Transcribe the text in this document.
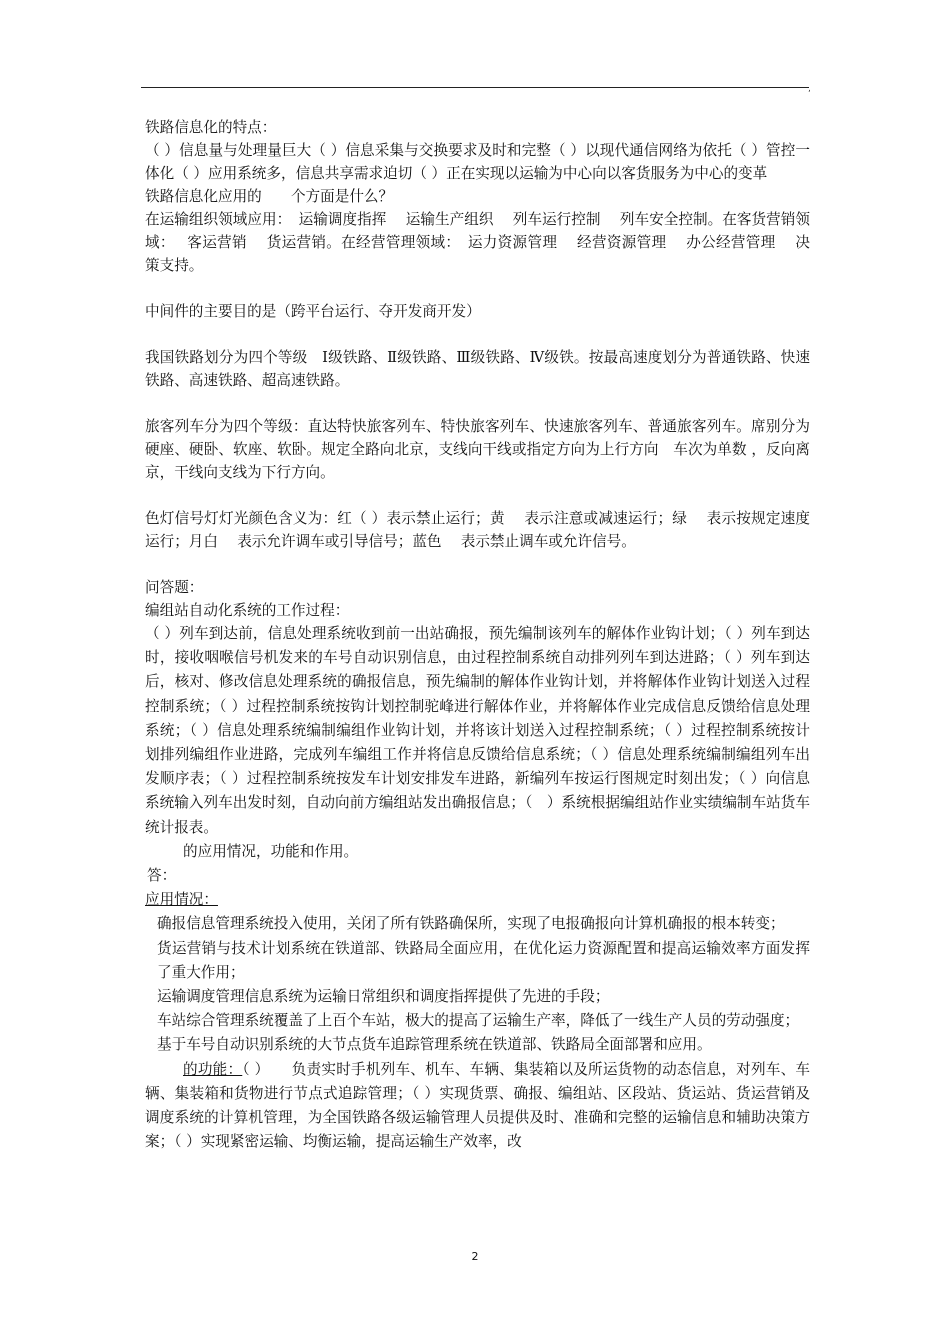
,

铁路信息化的特点：

（ ）信息量与处理量巨大（ ）信息采集与交换要求及时和完整（ ）以现代通信网络为依托（ ）管控一体化（ ）应用系统多，信息共享需求迫切（ ）正在实现以运输为中心向以客货服务为中心的变革

铁路信息化应用的　　个方面是什么？

在运输组织领域应用：　运输调度指挥　 运输生产组织　 列车运行控制　 列车安全控制。在客货营销领域：　 客运营销　 货运营销。在经营管理领域：　运力资源管理　 经营资源管理　 办公经营管理　 决策支持。

中间件的主要目的是（跨平台运行、夺开发商开发）

我国铁路划分为四个等级　Ⅰ级铁路、Ⅱ级铁路、Ⅲ级铁路、Ⅳ级铁。按最高速度划分为普通铁路、快速铁路、高速铁路、超高速铁路。

旅客列车分为四个等级：直达特快旅客列车、特快旅客列车、快速旅客列车、普通旅客列车。席别分为 硬座、硬卧、软座、软卧。规定全路向北京，支线向干线或指定方向为上行方向　车次为单数 ，反向离京，干线向支线为下行方向。

色灯信号灯灯光颜色含义为：红（ ）表示禁止运行；黄　 表示注意或减速运行；绿　 表示按规定速度运行；月白　 表示允许调车或引导信号；蓝色　 表示禁止调车或允许信号。

问答题：

编组站自动化系统的工作过程：

（ ）列车到达前，信息处理系统收到前一出站确报，预先编制该列车的解体作业钩计划；（ ）列车到达时，接收咽喉信号机发来的车号自动识别信息，由过程控制系统自动排列列车到达进路；（ ）列车到达后，核对、修改信息处理系统的确报信息，预先编制的解体作业钩计划，并将解体作业钩计划送入过程控制系统；（ ）过程控制系统按钩计划控制驼峰进行解体作业，并将解体作业完成信息反馈给信息处理系统；（ ）信息处理系统编制编组作业钩计划，并将该计划送入过程控制系统；（ ）过程控制系统按计划排列编组作业进路，完成列车编组工作并将信息反馈给信息系统；（ ）信息处理系统编制编组列车出发顺序表；（ ）过程控制系统按发车计划安排发车进路，新编列车按运行图规定时刻出发；（ ）向信息系统输入列车出发时刻，自动向前方编组站发出确报信息；（　）系统根据编组站作业实绩编制车站货车统计报表。

的应用情况，功能和作用。

答：

应用情况：

确报信息管理系统投入使用，关闭了所有铁路确保所，实现了电报确报向计算机确报的根本转变；

货运营销与技术计划系统在铁道部、铁路局全面应用，在优化运力资源配置和提高运输效率方面发挥了重大作用；

运输调度管理信息系统为运输日常组织和调度指挥提供了先进的手段；

车站综合管理系统覆盖了上百个车站，极大的提高了运输生产率，降低了一线生产人员的劳动强度；

基于车号自动识别系统的大节点货车追踪管理系统在铁道部、铁路局全面部署和应用。

的功能：（ ）　　负责实时手机列车、机车、车辆、集装箱以及所运货物的动态信息，对列车、车辆、集装箱和货物进行节点式追踪管理；（ ）实现货票、确报、编组站、区段站、货运站、货运营销及调度系统的计算机管理，为全国铁路各级运输管理人员提供及时、准确和完整的运输信息和辅助决策方案；（ ）实现紧密运输、均衡运输，提高运输生产效率，改

2
